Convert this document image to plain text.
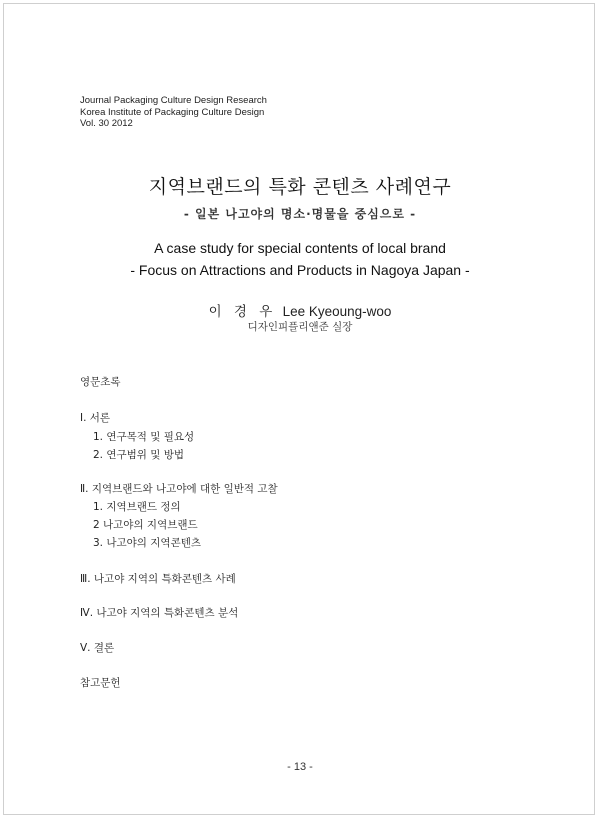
Journal Packaging Culture Design Research
Korea Institute of Packaging Culture Design
Vol. 30 2012
지역브랜드의 특화 콘텐츠 사례연구
- 일본 나고야의 명소·명물을 중심으로 -
A case study for special contents of local brand
- Focus on Attractions and Products in Nagoya Japan -
이 경 우 Lee Kyeoung-woo
디자인피플리앤준 실장
영문초록
Ⅰ. 서론
1. 연구목적 및 필요성
2. 연구범위 및 방법
Ⅱ. 지역브랜드와 나고야에 대한 일반적 고찰
1. 지역브랜드 정의
2 나고야의 지역브랜드
3. 나고야의 지역콘텐츠
Ⅲ. 나고야 지역의 특화콘텐츠 사례
Ⅳ. 나고야 지역의 특화콘텐츠 분석
Ⅴ. 결론
참고문헌
- 13 -
